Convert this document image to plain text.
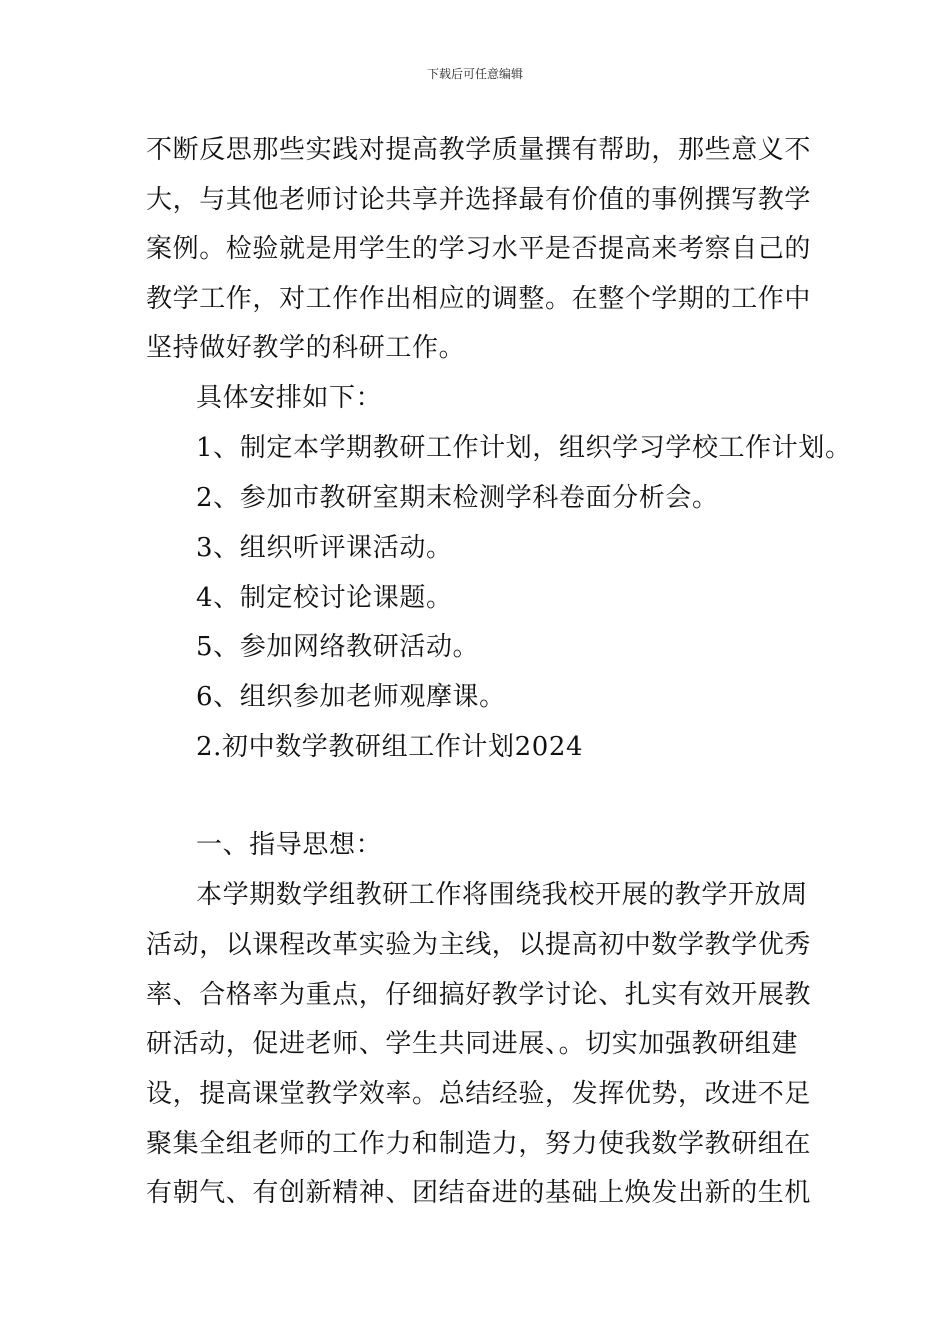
下载后可任意编辑
不断反思那些实践对提高教学质量撰有帮助，那些意义不
大，与其他老师讨论共享并选择最有价值的事例撰写教学
案例。检验就是用学生的学习水平是否提高来考察自己的
教学工作，对工作作出相应的调整。在整个学期的工作中
坚持做好教学的科研工作。
具体安排如下：
1、制定本学期教研工作计划，组织学习学校工作计划。
2、参加市教研室期末检测学科卷面分析会。
3、组织听评课活动。
4、制定校讨论课题。
5、参加网络教研活动。
6、组织参加老师观摩课。
2.初中数学教研组工作计划2024
一、指导思想：
本学期数学组教研工作将围绕我校开展的教学开放周
活动，以课程改革实验为主线，以提高初中数学教学优秀
率、合格率为重点，仔细搞好教学讨论、扎实有效开展教
研活动，促进老师、学生共同进展、。切实加强教研组建
设，提高课堂教学效率。总结经验，发挥优势，改进不足
聚集全组老师的工作力和制造力，努力使我数学教研组在
有朝气、有创新精神、团结奋进的基础上焕发出新的生机
